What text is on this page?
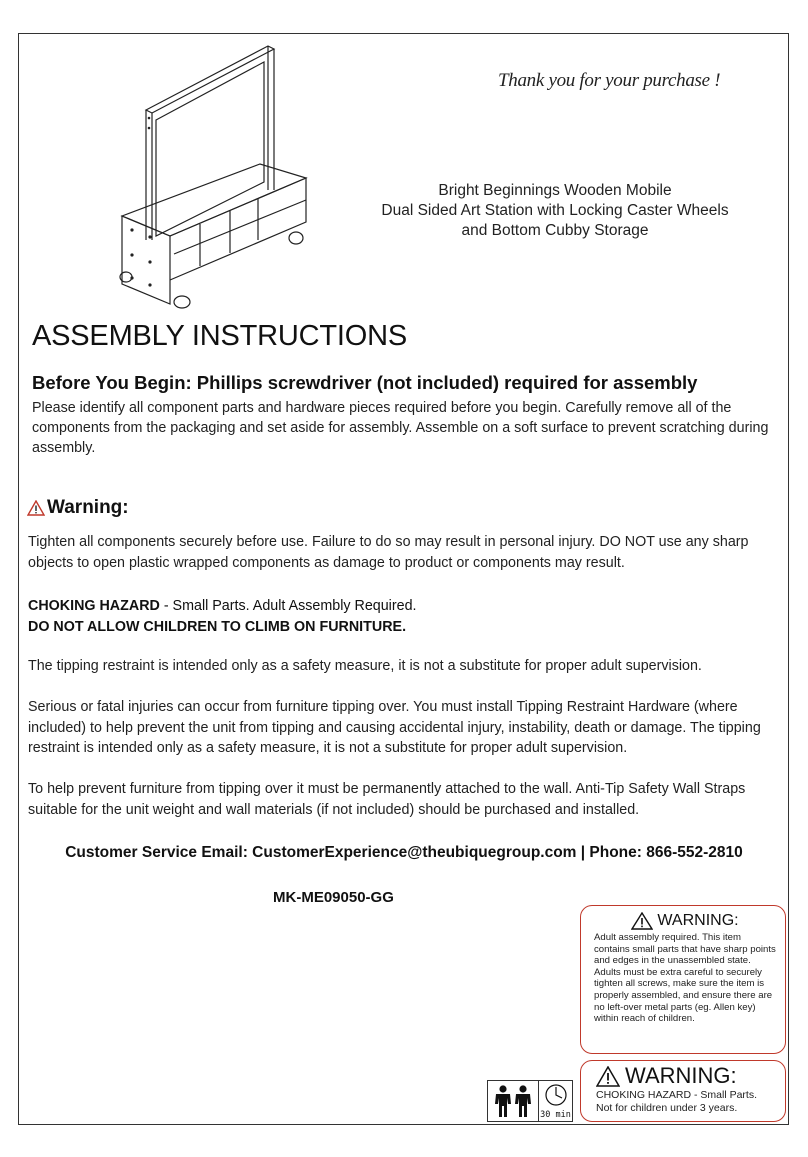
Thank you for your purchase !
Bright Beginnings Wooden Mobile
Dual Sided Art Station with Locking Caster Wheels
and Bottom Cubby Storage
ASSEMBLY INSTRUCTIONS
Before You Begin: Phillips screwdriver (not included) required for assembly
Please identify all component parts and hardware pieces required before you begin. Carefully remove all of the components from the packaging and set aside for assembly. Assemble on a soft surface to prevent scratching during assembly.
Warning:
Tighten all components securely before use. Failure to do so may result in personal injury. DO NOT use any sharp objects to open plastic wrapped components as damage to product or components may result.
CHOKING HAZARD - Small Parts. Adult Assembly Required.
DO NOT ALLOW CHILDREN TO CLIMB ON FURNITURE.
The tipping restraint is intended only as a safety measure, it is not a substitute for proper adult supervision.
Serious or fatal injuries can occur from furniture tipping over. You must install Tipping Restraint Hardware (where included) to help prevent the unit from tipping and causing accidental injury, instability, death or damage. The tipping restraint is intended only as a safety measure, it is not a substitute for proper adult supervision.
To help prevent furniture from tipping over it must be permanently attached to the wall. Anti-Tip Safety Wall Straps suitable for the unit weight and wall materials (if not included) should be purchased and installed.
Customer Service Email: CustomerExperience@theubiquegroup.com | Phone: 866-552-2810
MK-ME09050-GG
WARNING:
Adult assembly required. This item contains small parts that have sharp points and edges in the unassembled state. Adults must be extra careful to securely tighten all screws, make sure the item is properly assembled, and ensure there are no left-over metal parts (eg. Allen key) within reach of children.
WARNING:
CHOKING HAZARD - Small Parts.
Not for children under 3 years.
30 min
